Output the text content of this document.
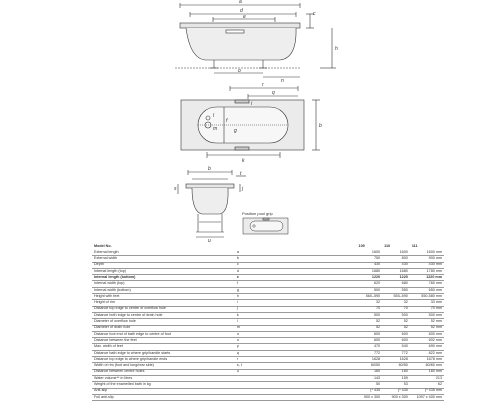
a
d
e	c
h
o
n
r
q
i
f
g
l
m	b
k
b
t
j
s
u
Position pool grip
Model No.		109	110	111
External length	a	1600	1600	1600 mm
External width	b	750	800	900 mm
Depth	c	430	430	430 mm
Internal length (top)	d	1680	1680	1780 mm
Internal length (bottom)	e	1220	1220	1220 mm
Internal width (top)	f	620	680	760 mm
Internal width (bottom)	g	500	550	650 mm
Height with feet	h	560–590	555–590	550-580 mm
Height of rim	i	32	32	33 mm
Distance top edge to centre of overflow hole	j	70	70	70 mm
Distance both edge to centre of drain hole	k	500	500	500 mm
Diameter of overflow hole	l	52	52	52 mm
Diameter of drain hole	m	52	52	52 mm
Distance foot end of bath edge to centre of foot	n	600	600	600 mm
Distance between the feet	o	600	600	602 mm
Max. width of feet	p	470	540	690 mm
Distance bath edge to where grip/handle starts	q	772	772	822 mm
Distance top edge to where grip/handle ends	r	1628	1628	1678 mm
Width of rim (foot and long/rear side)	s, t	60/50	60/50	60/60 mm
Distance between centre holes	u	160	160	160 mm
Water volume** in litres		143	159	213
Weight of the enamelled bath in kg		50	53	62
Anti-slip		(* 435	(* 435	(* 435 mm
Full anti-slip		900 x 300	900 x 300	1097 x 400 mm
